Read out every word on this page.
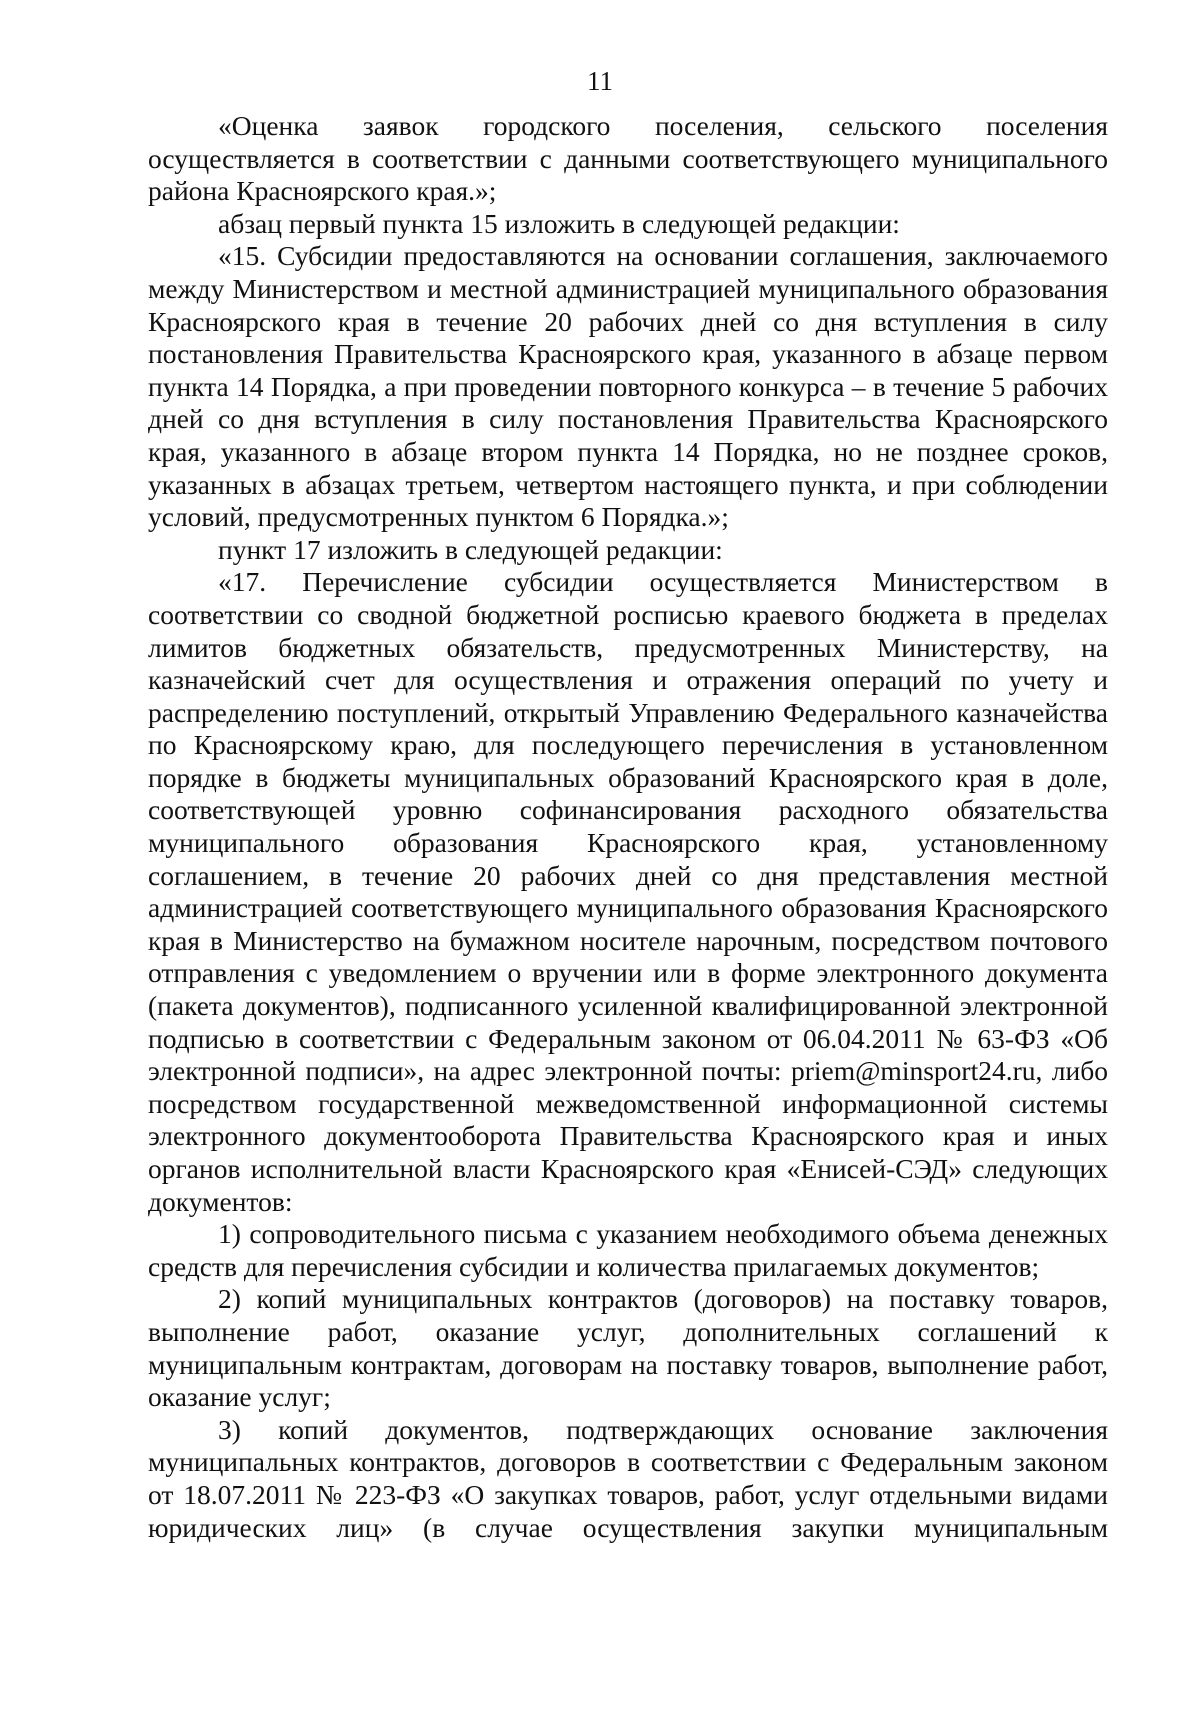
11

«Оценка заявок городского поселения, сельского поселения осуществляется в соответствии с данными соответствующего муниципального района Красноярского края.»;

абзац первый пункта 15 изложить в следующей редакции:

«15. Субсидии предоставляются на основании соглашения, заключаемого между Министерством и местной администрацией муниципального образования Красноярского края в течение 20 рабочих дней со дня вступления в силу постановления Правительства Красноярского края, указанного в абзаце первом пункта 14 Порядка, а при проведении повторного конкурса – в течение 5 рабочих дней со дня вступления в силу постановления Правительства Красноярского края, указанного в абзаце втором пункта 14 Порядка, но не позднее сроков, указанных в абзацах третьем, четвертом настоящего пункта, и при соблюдении условий, предусмотренных пунктом 6 Порядка.»;

пункт 17 изложить в следующей редакции:

«17. Перечисление субсидии осуществляется Министерством в соответствии со сводной бюджетной росписью краевого бюджета в пределах лимитов бюджетных обязательств, предусмотренных Министерству, на казначейский счет для осуществления и отражения операций по учету и распределению поступлений, открытый Управлению Федерального казначейства по Красноярскому краю, для последующего перечисления в установленном порядке в бюджеты муниципальных образований Красноярского края в доле, соответствующей уровню софинансирования расходного обязательства муниципального образования Красноярского края, установленному соглашением, в течение 20 рабочих дней со дня представления местной администрацией соответствующего муниципального образования Красноярского края в Министерство на бумажном носителе нарочным, посредством почтового отправления с уведомлением о вручении или в форме электронного документа (пакета документов), подписанного усиленной квалифицированной электронной подписью в соответствии с Федеральным законом от 06.04.2011 № 63-ФЗ «Об электронной подписи», на адрес электронной почты: priem@minsport24.ru, либо посредством государственной межведомственной информационной системы электронного документооборота Правительства Красноярского края и иных органов исполнительной власти Красноярского края «Енисей-СЭД» следующих документов:

1) сопроводительного письма с указанием необходимого объема денежных средств для перечисления субсидии и количества прилагаемых документов;

2) копий муниципальных контрактов (договоров) на поставку товаров, выполнение работ, оказание услуг, дополнительных соглашений к муниципальным контрактам, договорам на поставку товаров, выполнение работ, оказание услуг;

3) копий документов, подтверждающих основание заключения муниципальных контрактов, договоров в соответствии с Федеральным законом от 18.07.2011 № 223-ФЗ «О закупках товаров, работ, услуг отдельными видами юридических лиц» (в случае осуществления закупки муниципальным
